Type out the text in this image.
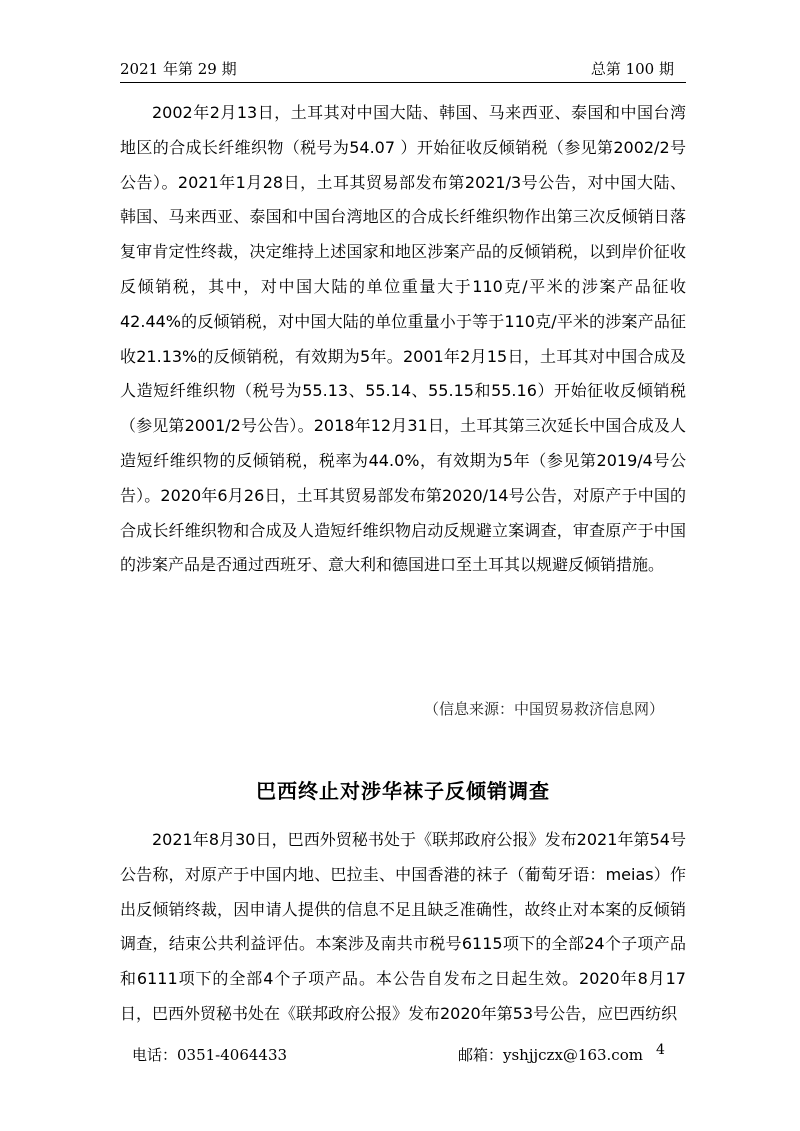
2021 年第 29 期	总第 100 期

2002年2月13日，土耳其对中国大陆、韩国、马来西亚、泰国和中国台湾地区的合成长纤维织物（税号为54.07 ）开始征收反倾销税（参见第2002/2号公告）。2021年1月28日，土耳其贸易部发布第2021/3号公告，对中国大陆、韩国、马来西亚、泰国和中国台湾地区的合成长纤维织物作出第三次反倾销日落复审肯定性终裁，决定维持上述国家和地区涉案产品的反倾销税，以到岸价征收反倾销税，其中，对中国大陆的单位重量大于110克/平米的涉案产品征收42.44%的反倾销税，对中国大陆的单位重量小于等于110克/平米的涉案产品征收21.13%的反倾销税，有效期为5年。2001年2月15日，土耳其对中国合成及人造短纤维织物（税号为55.13、55.14、55.15和55.16）开始征收反倾销税（参见第2001/2号公告）。2018年12月31日，土耳其第三次延长中国合成及人造短纤维织物的反倾销税，税率为44.0%，有效期为5年（参见第2019/4号公告）。2020年6月26日，土耳其贸易部发布第2020/14号公告，对原产于中国的合成长纤维织物和合成及人造短纤维织物启动反规避立案调查，审查原产于中国的涉案产品是否通过西班牙、意大利和德国进口至土耳其以规避反倾销措施。

（信息来源：中国贸易救济信息网）
巴西终止对涉华袜子反倾销调查

2021年8月30日，巴西外贸秘书处于《联邦政府公报》发布2021年第54号公告称，对原产于中国内地、巴拉圭、中国香港的袜子（葡萄牙语：meias）作出反倾销终裁，因申请人提供的信息不足且缺乏准确性，故终止对本案的反倾销调查，结束公共利益评估。本案涉及南共市税号6115项下的全部24个子项产品和6111项下的全部4个子项产品。本公告自发布之日起生效。2020年8月17日，巴西外贸秘书处在《联邦政府公报》发布2020年第53号公告，应巴西纺织

电话：0351-4064433	邮箱：yshjjczx@163.com 4
